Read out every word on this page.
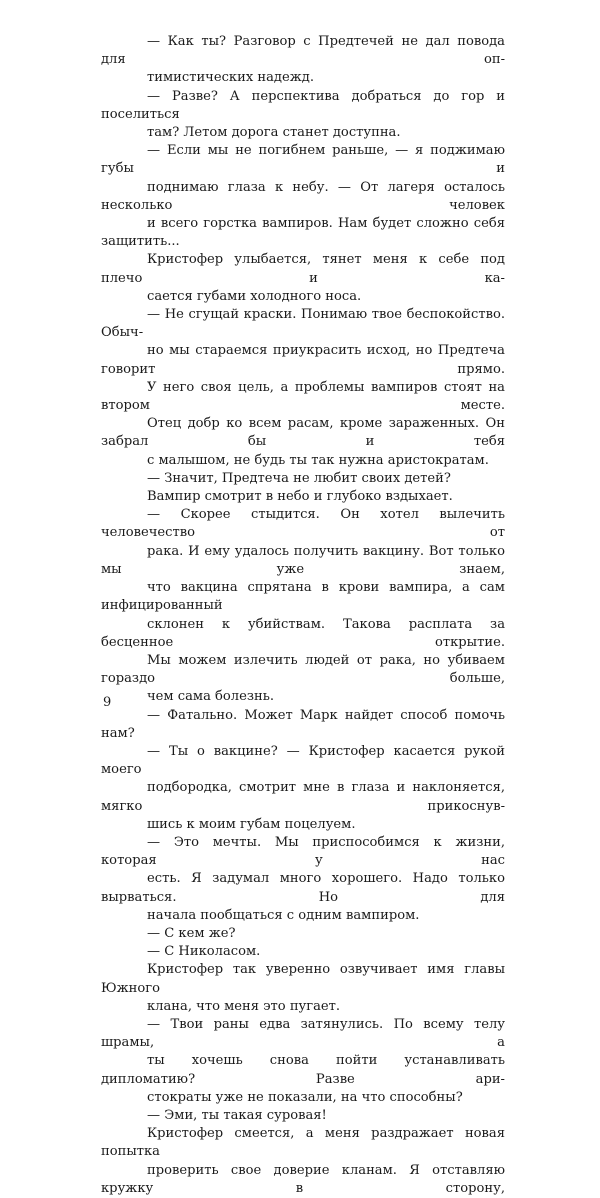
— Как ты? Разговор с Предтечей не дал повода для оп-
тимистических надежд.

— Разве? А перспектива добраться до гор и поселиться
там? Летом дорога станет доступна.

— Если мы не погибнем раньше, — я поджимаю губы и
поднимаю глаза к небу. — От лагеря осталось несколько человек
и всего горстка вампиров. Нам будет сложно себя защитить...

Кристофер улыбается, тянет меня к себе под плечо и ка-
сается губами холодного носа.

— Не сгущай краски. Понимаю твое беспокойство. Обыч-
но мы стараемся приукрасить исход, но Предтеча говорит прямо.
У него своя цель, а проблемы вампиров стоят на втором месте.
Отец добр ко всем расам, кроме зараженных. Он забрал бы и тебя
с малышом, не будь ты так нужна аристократам.

— Значит, Предтеча не любит своих детей?

Вампир смотрит в небо и глубоко вздыхает.

— Скорее стыдится. Он хотел вылечить человечество от
рака. И ему удалось получить вакцину. Вот только мы уже знаем,
что вакцина спрятана в крови вампира, а сам инфицированный
склонен к убийствам. Такова расплата за бесценное открытие.
Мы можем излечить людей от рака, но убиваем гораздо больше,
чем сама болезнь.

— Фатально. Может Марк найдет способ помочь нам?

— Ты о вакцине? — Кристофер касается рукой моего
подбородка, смотрит мне в глаза и наклоняется, мягко прикоснув-
шись к моим губам поцелуем.

— Это мечты. Мы приспособимся к жизни, которая у нас
есть. Я задумал много хорошего. Надо только вырваться. Но для
начала пообщаться с одним вампиром.

— С кем же?

— С Николасом.

Кристофер так уверенно озвучивает имя главы Южного
клана, что меня это пугает.

— Твои раны едва затянулись. По всему телу шрамы, а
ты хочешь снова пойти устанавливать дипломатию? Разве ари-
стократы уже не показали, на что способны?

— Эми, ты такая суровая!

Кристофер смеется, а меня раздражает новая попытка
проверить свое доверие кланам. Я отставляю кружку в сторону,

9
